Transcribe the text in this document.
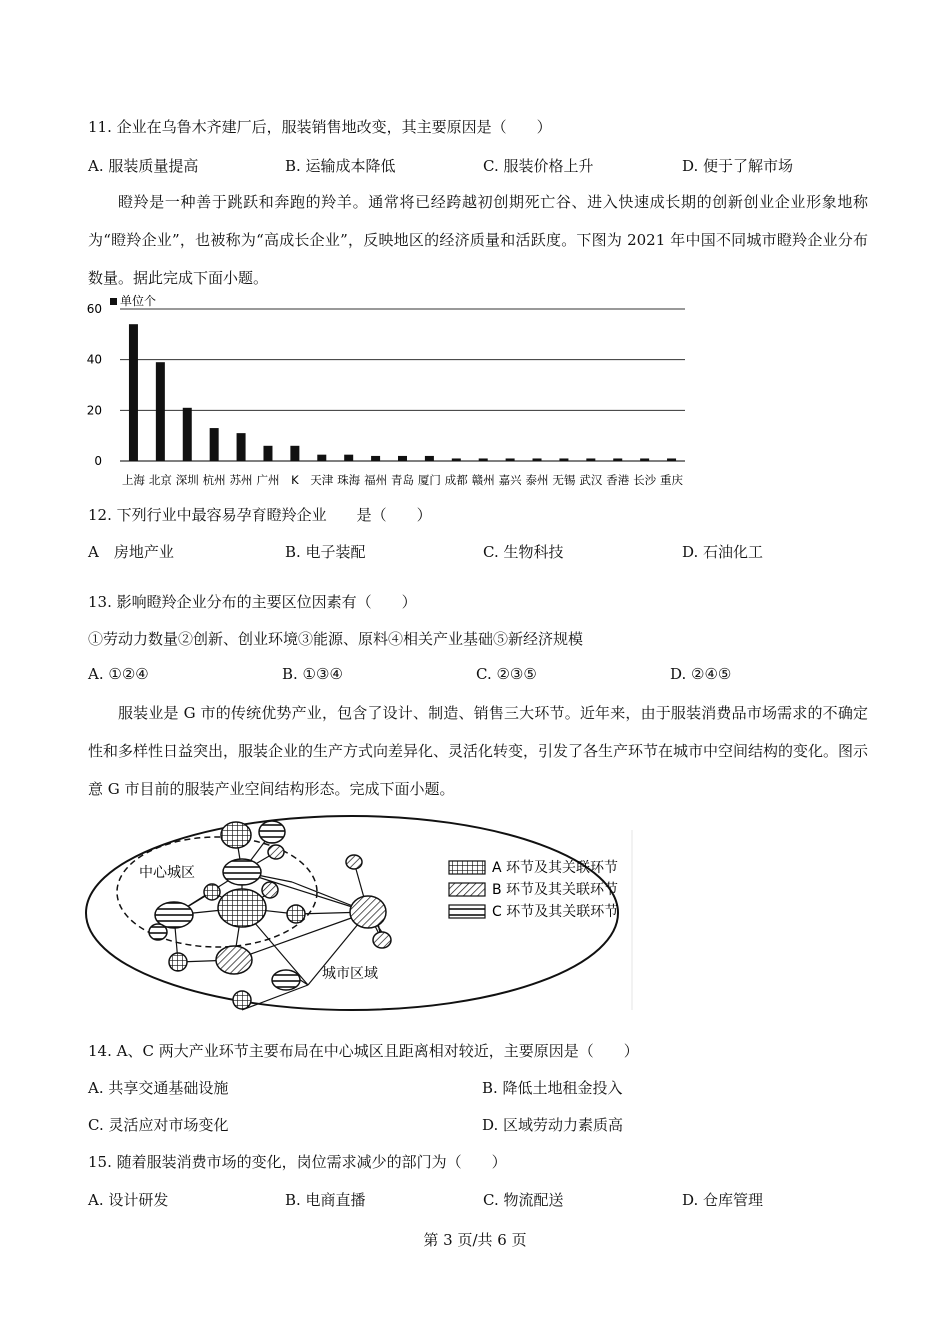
11. 企业在乌鲁木齐建厂后，服装销售地改变，其主要原因是（　　）
A. 服装质量提高	B. 运输成本降低	C. 服装价格上升	D. 便于了解市场
瞪羚是一种善于跳跃和奔跑的羚羊。通常将已经跨越初创期死亡谷、进入快速成长期的创新创业企业形象地称为“瞪羚企业”，也被称为“高成长企业”，反映地区的经济质量和活跃度。下图为 2021 年中国不同城市瞪羚企业分布数量。据此完成下面小题。
单位个
0
20
40
60
上海 北京 深圳 杭州 苏州 广州 K 天津 珠海 福州 青岛 厦门 成都 赣州 嘉兴 泰州 无锡 武汉 香港 长沙 重庆
12. 下列行业中最容易孕育瞪羚企业　　是（　　）
A　房地产业	B. 电子装配	C. 生物科技	D. 石油化工
13. 影响瞪羚企业分布的主要区位因素有（　　）
①劳动力数量②创新、创业环境③能源、原料④相关产业基础⑤新经济规模
A. ①②④	B. ①③④	C. ②③⑤	D. ②④⑤
服装业是 G 市的传统优势产业，包含了设计、制造、销售三大环节。近年来，由于服装消费品市场需求的不确定性和多样性日益突出，服装企业的生产方式向差异化、灵活化转变，引发了各生产环节在城市中空间结构的变化。图示意 G 市目前的服装产业空间结构形态。完成下面小题。
中心城区
城市区域
A 环节及其关联环节
B 环节及其关联环节
C 环节及其关联环节
14. A、C 两大产业环节主要布局在中心城区且距离相对较近，主要原因是（　　）
A. 共享交通基础设施	B. 降低土地租金投入
C. 灵活应对市场变化	D. 区域劳动力素质高
15. 随着服装消费市场的变化，岗位需求减少的部门为（　　）
A. 设计研发	B. 电商直播	C. 物流配送	D. 仓库管理
第 3 页/共 6 页
